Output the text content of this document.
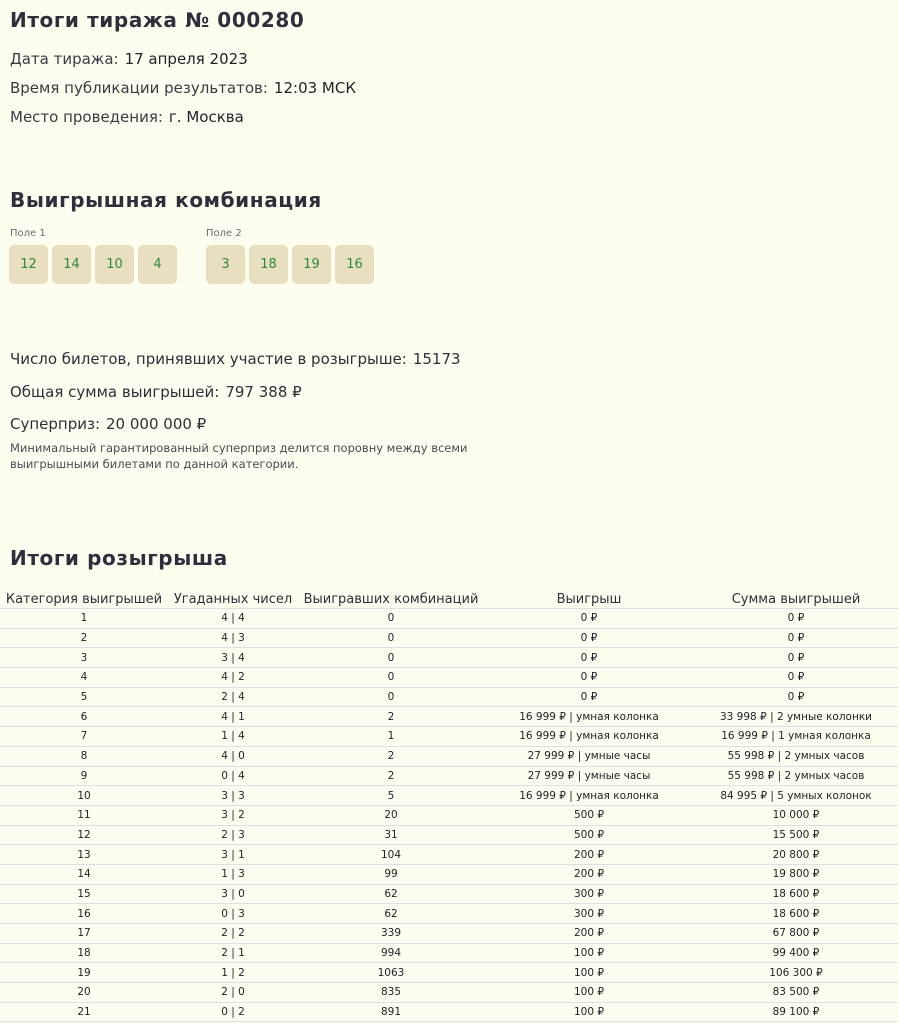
Итоги тиража № 000280
Дата тиража: 17 апреля 2023
Время публикации результатов: 12:03 МСК
Место проведения: г. Москва
Выигрышная комбинация
Поле 1
12	14	10	4
Поле 2
3	18	19	16
Число билетов, принявших участие в розыгрыше: 15173
Общая сумма выигрышей: 797 388 ₽
Суперприз: 20 000 000 ₽
Минимальный гарантированный суперприз делится поровну между всеми выигрышными билетами по данной категории.
Итоги розыгрыша
Категория выигрышей	Угаданных чисел	Выигравших комбинаций	Выигрыш	Сумма выигрышей
1	4 | 4	0	0 ₽	0 ₽
2	4 | 3	0	0 ₽	0 ₽
3	3 | 4	0	0 ₽	0 ₽
4	4 | 2	0	0 ₽	0 ₽
5	2 | 4	0	0 ₽	0 ₽
6	4 | 1	2	16 999 ₽ | умная колонка	33 998 ₽ | 2 умные колонки
7	1 | 4	1	16 999 ₽ | умная колонка	16 999 ₽ | 1 умная колонка
8	4 | 0	2	27 999 ₽ | умные часы	55 998 ₽ | 2 умных часов
9	0 | 4	2	27 999 ₽ | умные часы	55 998 ₽ | 2 умных часов
10	3 | 3	5	16 999 ₽ | умная колонка	84 995 ₽ | 5 умных колонок
11	3 | 2	20	500 ₽	10 000 ₽
12	2 | 3	31	500 ₽	15 500 ₽
13	3 | 1	104	200 ₽	20 800 ₽
14	1 | 3	99	200 ₽	19 800 ₽
15	3 | 0	62	300 ₽	18 600 ₽
16	0 | 3	62	300 ₽	18 600 ₽
17	2 | 2	339	200 ₽	67 800 ₽
18	2 | 1	994	100 ₽	99 400 ₽
19	1 | 2	1063	100 ₽	106 300 ₽
20	2 | 0	835	100 ₽	83 500 ₽
21	0 | 2	891	100 ₽	89 100 ₽
